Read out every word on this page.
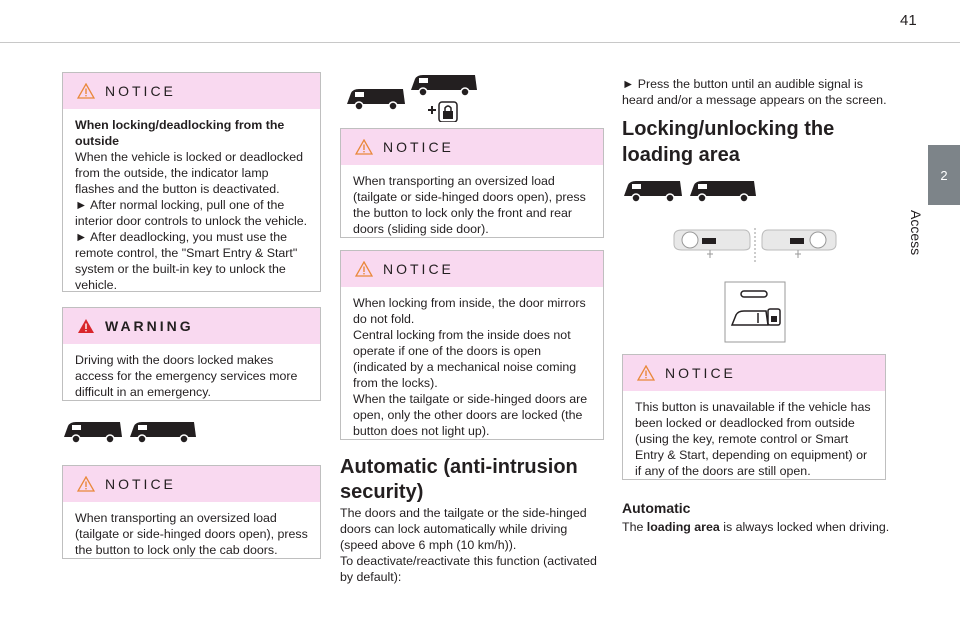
41
2
Access
NOTICE

When locking/deadlocking from the outside

When the vehicle is locked or deadlocked from the outside, the indicator lamp flashes and the button is deactivated.

► After normal locking, pull one of the interior door controls to unlock the vehicle.

► After deadlocking, you must use the remote control, the "Smart Entry & Start" system or the built-in key to unlock the vehicle.

WARNING

Driving with the doors locked makes access for the emergency services more difficult in an emergency.

NOTICE

When transporting an oversized load (tailgate or side-hinged doors open), press the button to lock only the cab doors.

NOTICE

When transporting an oversized load (tailgate or side-hinged doors open), press the button to lock only the front and rear doors (sliding side door).

NOTICE

When locking from inside, the door mirrors do not fold.

Central locking from the inside does not operate if one of the doors is open (indicated by a mechanical noise coming from the locks).

When the tailgate or side-hinged doors are open, only the other doors are locked (the button does not light up).

Automatic (anti-intrusion security)

The doors and the tailgate or the side-hinged doors can lock automatically while driving (speed above 6 mph (10 km/h)).

To deactivate/reactivate this function (activated by default):

► Press the button until an audible signal is heard and/or a message appears on the screen.
Locking/unlocking the loading area
NOTICE

This button is unavailable if the vehicle has been locked or deadlocked from outside (using the key, remote control or Smart Entry & Start, depending on equipment) or if any of the doors are still open.

Automatic
The loading area is always locked when driving.
